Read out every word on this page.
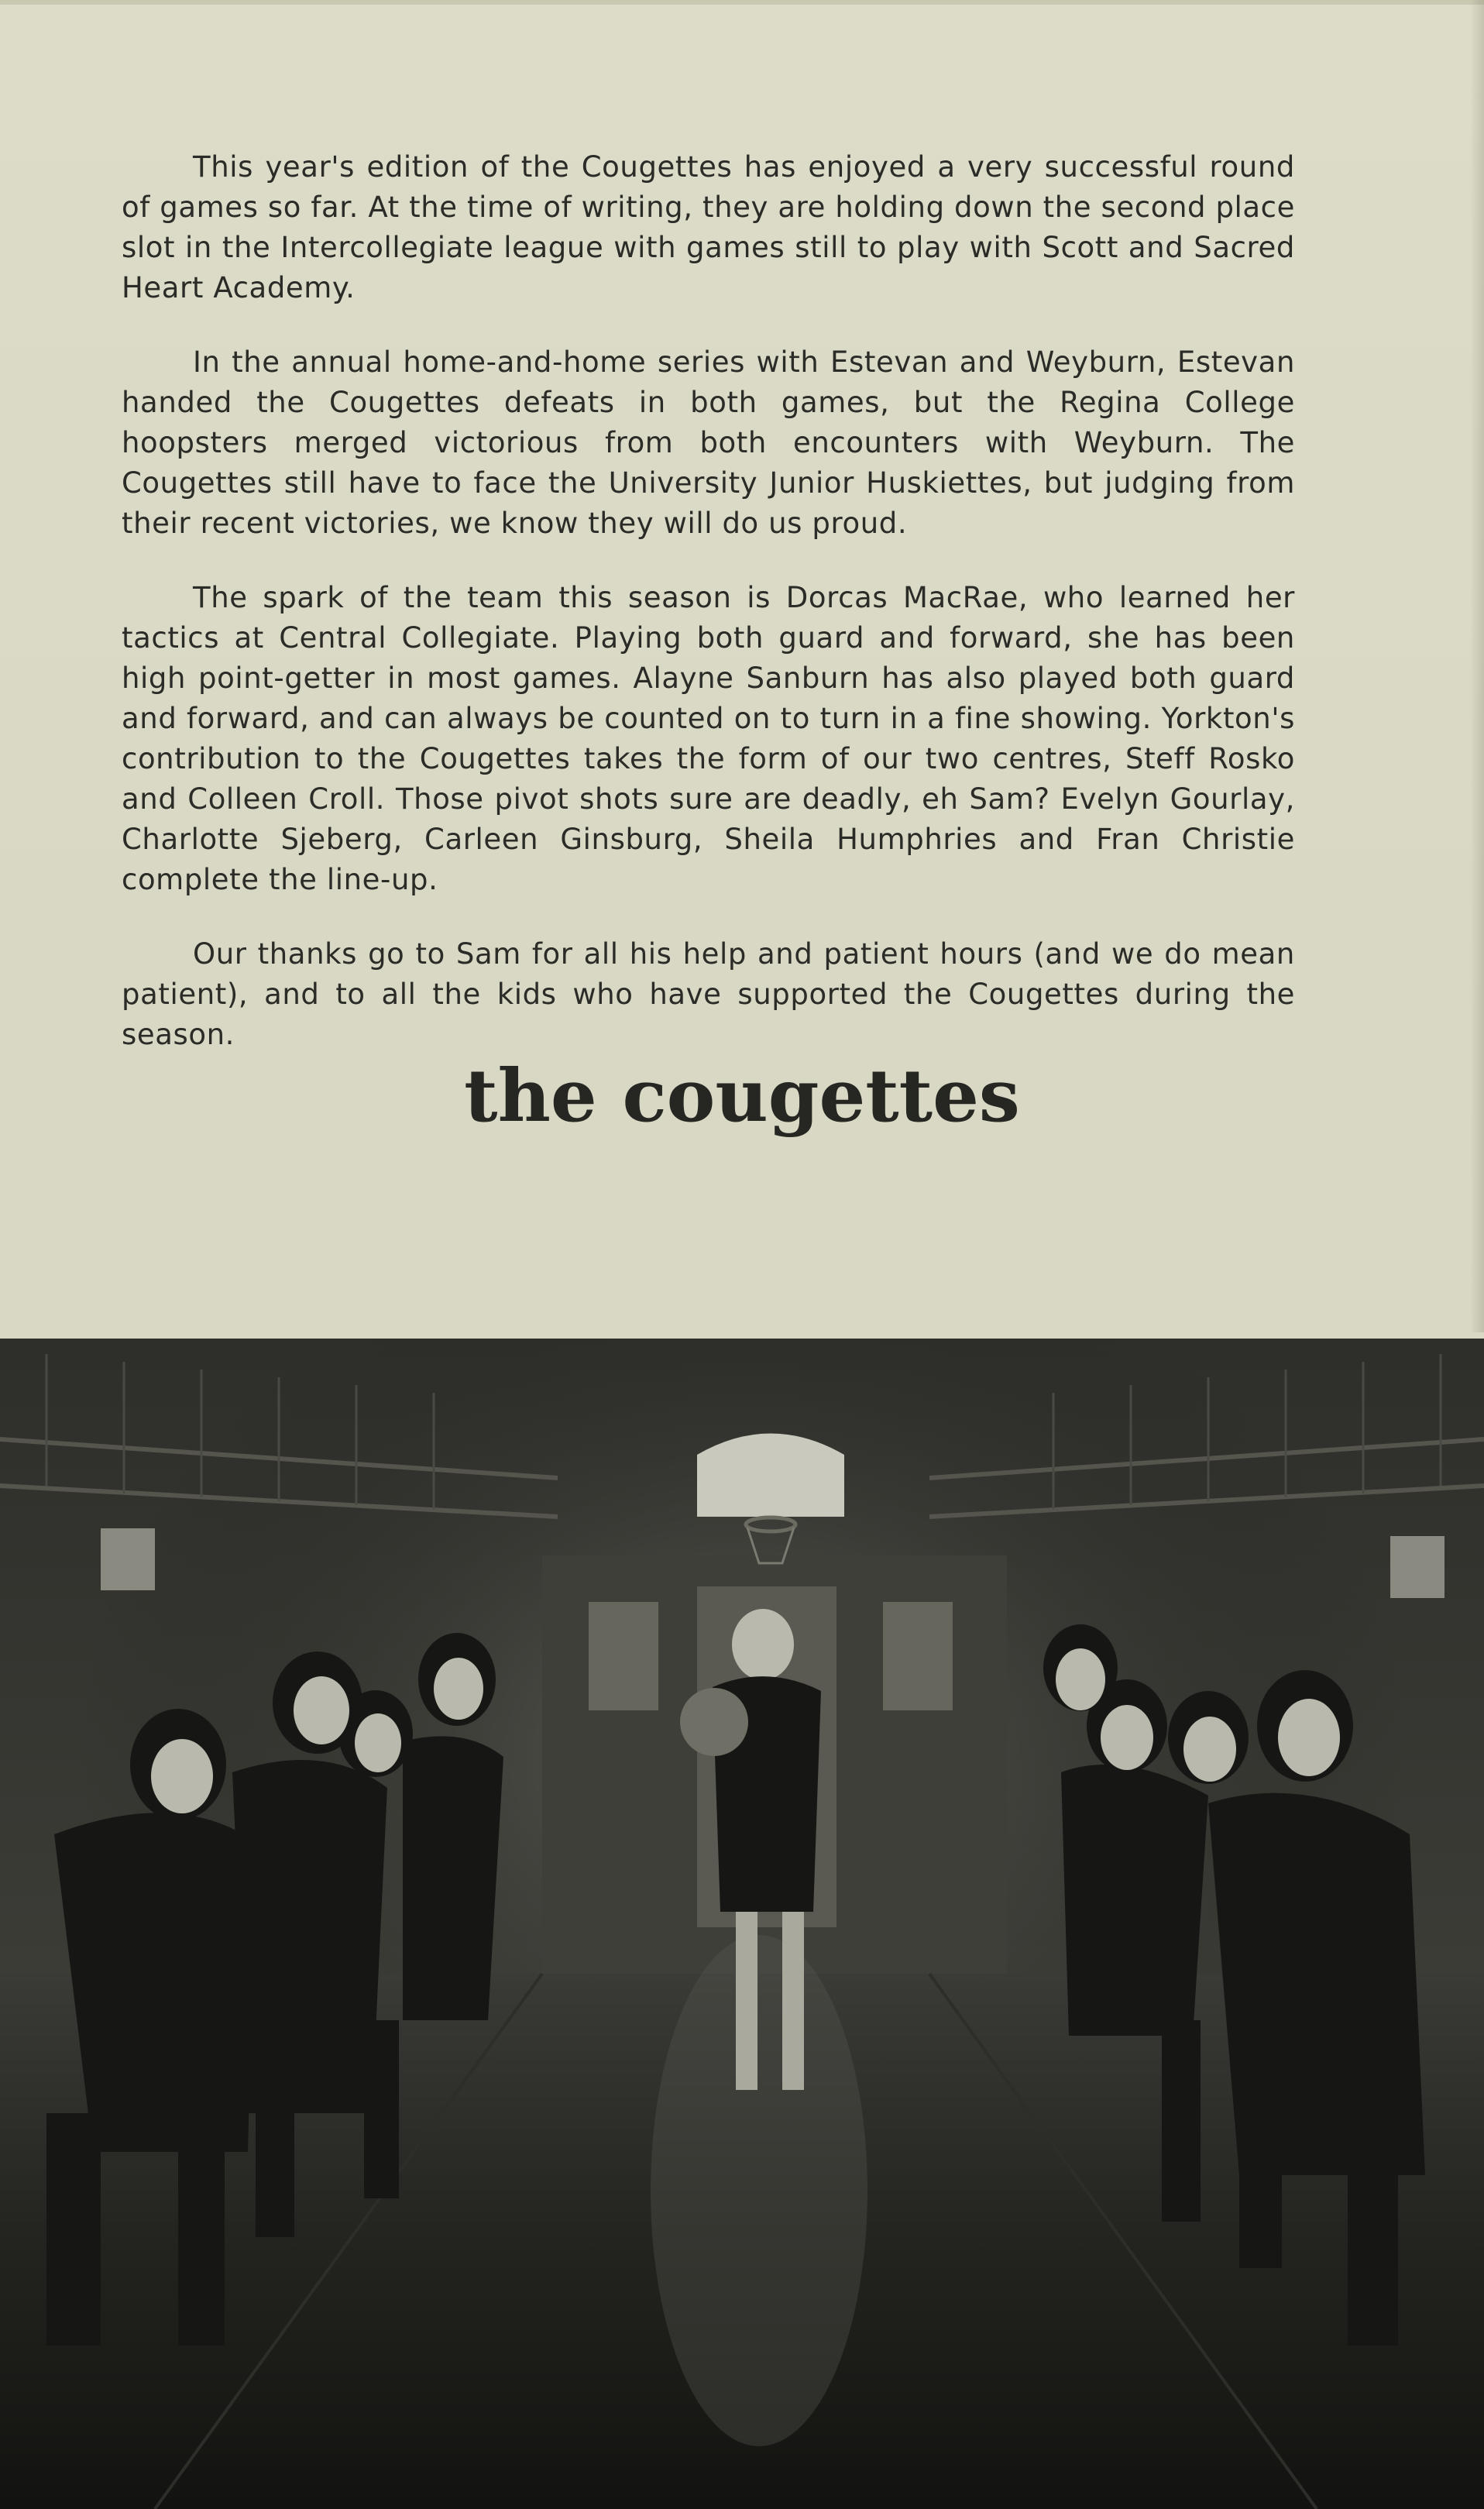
This year's edition of the Cougettes has enjoyed a very successful round of games so far. At the time of writing, they are holding down the second place slot in the Intercollegiate league with games still to play with Scott and Sacred Heart Academy.

In the annual home-and-home series with Estevan and Weyburn, Estevan handed the Cougettes defeats in both games, but the Regina College hoopsters merged victorious from both encounters with Weyburn. The Cougettes still have to face the University Junior Huskiettes, but judging from their recent victories, we know they will do us proud.

The spark of the team this season is Dorcas MacRae, who learned her tactics at Central Collegiate. Playing both guard and forward, she has been high point-getter in most games. Alayne Sanburn has also played both guard and forward, and can always be counted on to turn in a fine showing. Yorkton's contribution to the Cougettes takes the form of our two centres, Steff Rosko and Colleen Croll. Those pivot shots sure are deadly, eh Sam? Evelyn Gourlay, Charlotte Sjeberg, Carleen Ginsburg, Sheila Humphries and Fran Christie complete the line-up.

Our thanks go to Sam for all his help and patient hours (and we do mean patient), and to all the kids who have supported the Cougettes during the season.

the cougettes
